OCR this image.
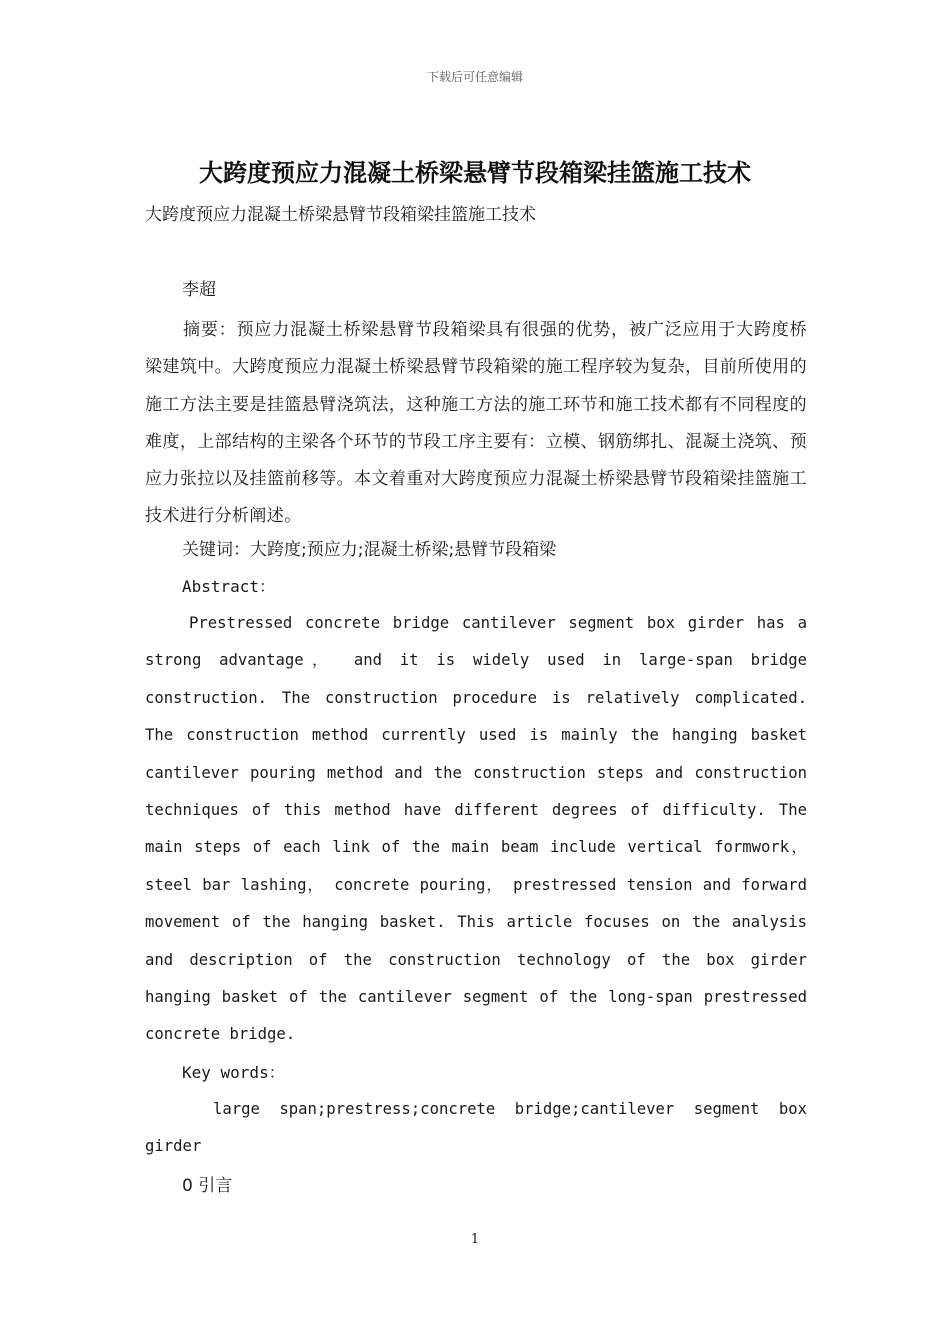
下载后可任意编辑
大跨度预应力混凝土桥梁悬臂节段箱梁挂篮施工技术
大跨度预应力混凝土桥梁悬臂节段箱梁挂篮施工技术
李超
摘要：预应力混凝土桥梁悬臂节段箱梁具有很强的优势，被广泛应用于大跨度桥梁建筑中。大跨度预应力混凝土桥梁悬臂节段箱梁的施工程序较为复杂，目前所使用的施工方法主要是挂篮悬臂浇筑法，这种施工方法的施工环节和施工技术都有不同程度的难度，上部结构的主梁各个环节的节段工序主要有：立模、钢筋绑扎、混凝土浇筑、预应力张拉以及挂篮前移等。本文着重对大跨度预应力混凝土桥梁悬臂节段箱梁挂篮施工技术进行分析阐述。
关键词：大跨度;预应力;混凝土桥梁;悬臂节段箱梁
Abstract：
Prestressed concrete bridge cantilever segment box girder has a strong advantage， and it is widely used in large-span bridge construction. The construction procedure is relatively complicated. The construction method currently used is mainly the hanging basket cantilever pouring method and the construction steps and construction techniques of this method have different degrees of difficulty. The main steps of each link of the main beam include vertical formwork， steel bar lashing， concrete pouring， prestressed tension and forward movement of the hanging basket. This article focuses on the analysis and description of the construction technology of the box girder hanging basket of the cantilever segment of the long-span prestressed concrete bridge.
Key words：
large span;prestress;concrete bridge;cantilever segment box girder
0 引言
1
